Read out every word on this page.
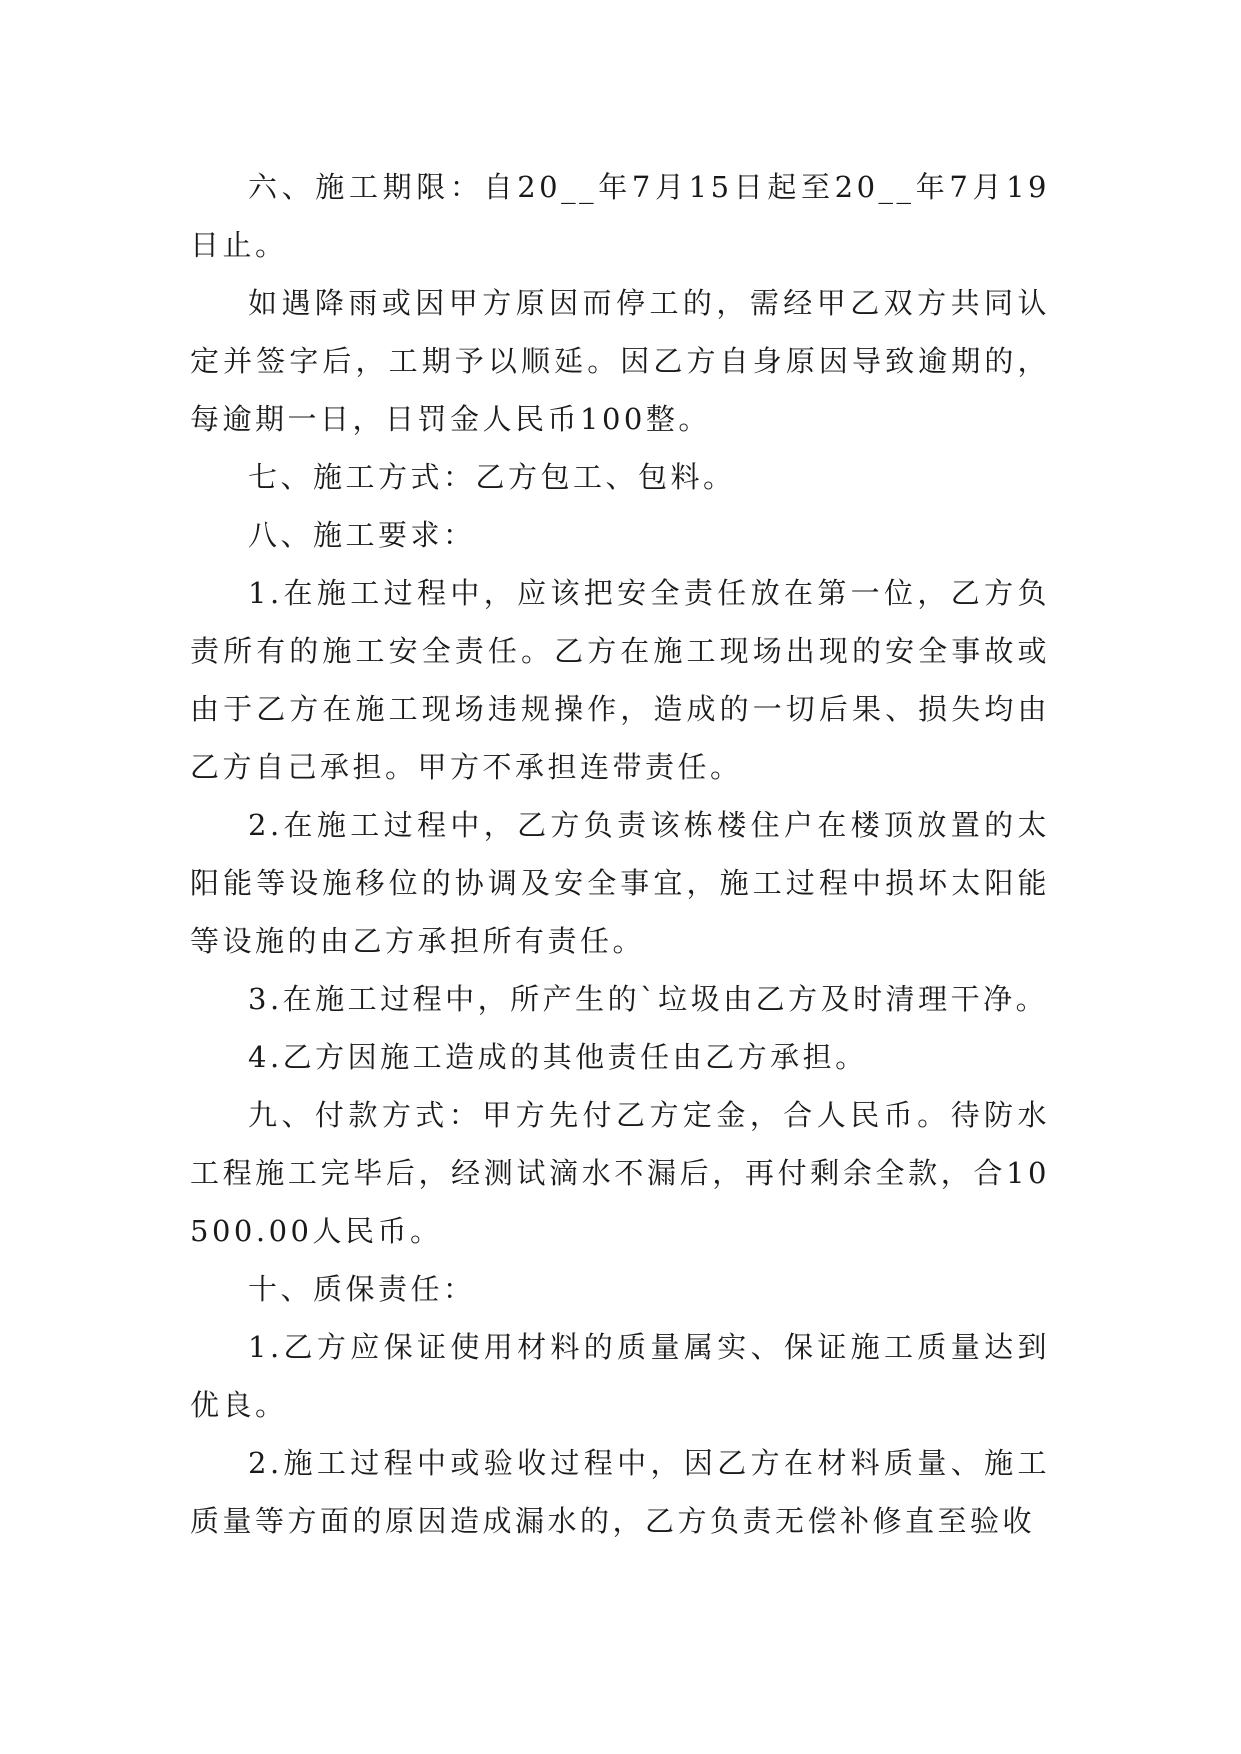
六、施工期限：自20__年7月15日起至20__年7月19日止。

如遇降雨或因甲方原因而停工的，需经甲乙双方共同认定并签字后，工期予以顺延。因乙方自身原因导致逾期的，每逾期一日，日罚金人民币100整。

七、施工方式：乙方包工、包料。

八、施工要求：

1.在施工过程中，应该把安全责任放在第一位，乙方负责所有的施工安全责任。乙方在施工现场出现的安全事故或由于乙方在施工现场违规操作，造成的一切后果、损失均由乙方自己承担。甲方不承担连带责任。

2.在施工过程中，乙方负责该栋楼住户在楼顶放置的太阳能等设施移位的协调及安全事宜，施工过程中损坏太阳能等设施的由乙方承担所有责任。

3.在施工过程中，所产生的`垃圾由乙方及时清理干净。

4.乙方因施工造成的其他责任由乙方承担。

九、付款方式：甲方先付乙方定金，合人民币。待防水工程施工完毕后，经测试滴水不漏后，再付剩余全款，合10500.00人民币。

十、质保责任：

1.乙方应保证使用材料的质量属实、保证施工质量达到优良。

2.施工过程中或验收过程中，因乙方在材料质量、施工质量等方面的原因造成漏水的，乙方负责无偿补修直至验收
